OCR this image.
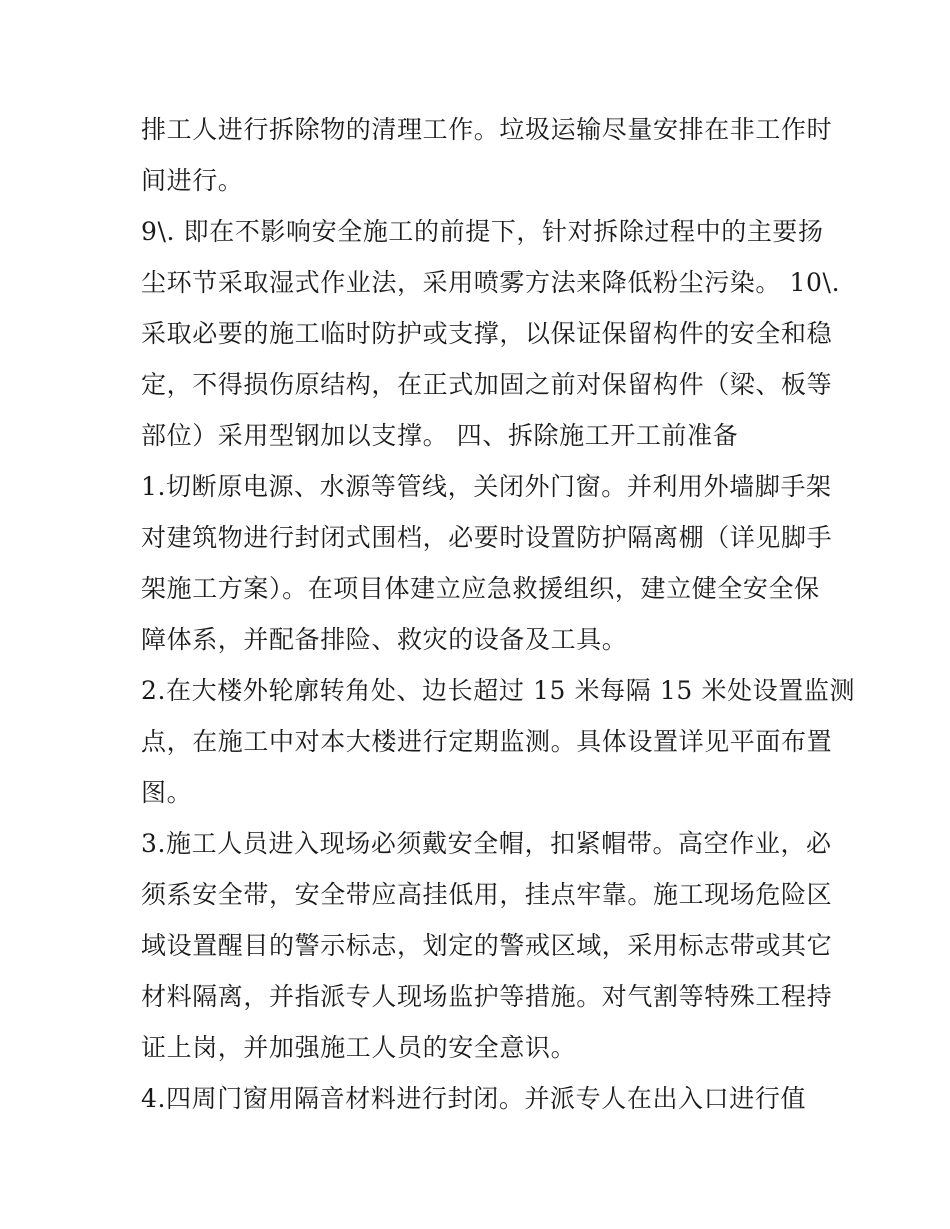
排工人进行拆除物的清理工作。垃圾运输尽量安排在非工作时
间进行。
9\. 即在不影响安全施工的前提下，针对拆除过程中的主要扬
尘环节采取湿式作业法，采用喷雾方法来降低粉尘污染。 10\.
采取必要的施工临时防护或支撑，以保证保留构件的安全和稳
定，不得损伤原结构，在正式加固之前对保留构件（梁、板等
部位）采用型钢加以支撑。 四、拆除施工开工前准备
1.切断原电源、水源等管线，关闭外门窗。并利用外墙脚手架
对建筑物进行封闭式围档，必要时设置防护隔离棚（详见脚手
架施工方案）。在项目体建立应急救援组织，建立健全安全保
障体系，并配备排险、救灾的设备及工具。
2.在大楼外轮廓转角处、边长超过 15 米每隔 15 米处设置监测
点，在施工中对本大楼进行定期监测。具体设置详见平面布置
图。
3.施工人员进入现场必须戴安全帽，扣紧帽带。高空作业，必
须系安全带，安全带应高挂低用，挂点牢靠。施工现场危险区
域设置醒目的警示标志，划定的警戒区域，采用标志带或其它
材料隔离，并指派专人现场监护等措施。对气割等特殊工程持
证上岗，并加强施工人员的安全意识。
4.四周门窗用隔音材料进行封闭。并派专人在出入口进行值
